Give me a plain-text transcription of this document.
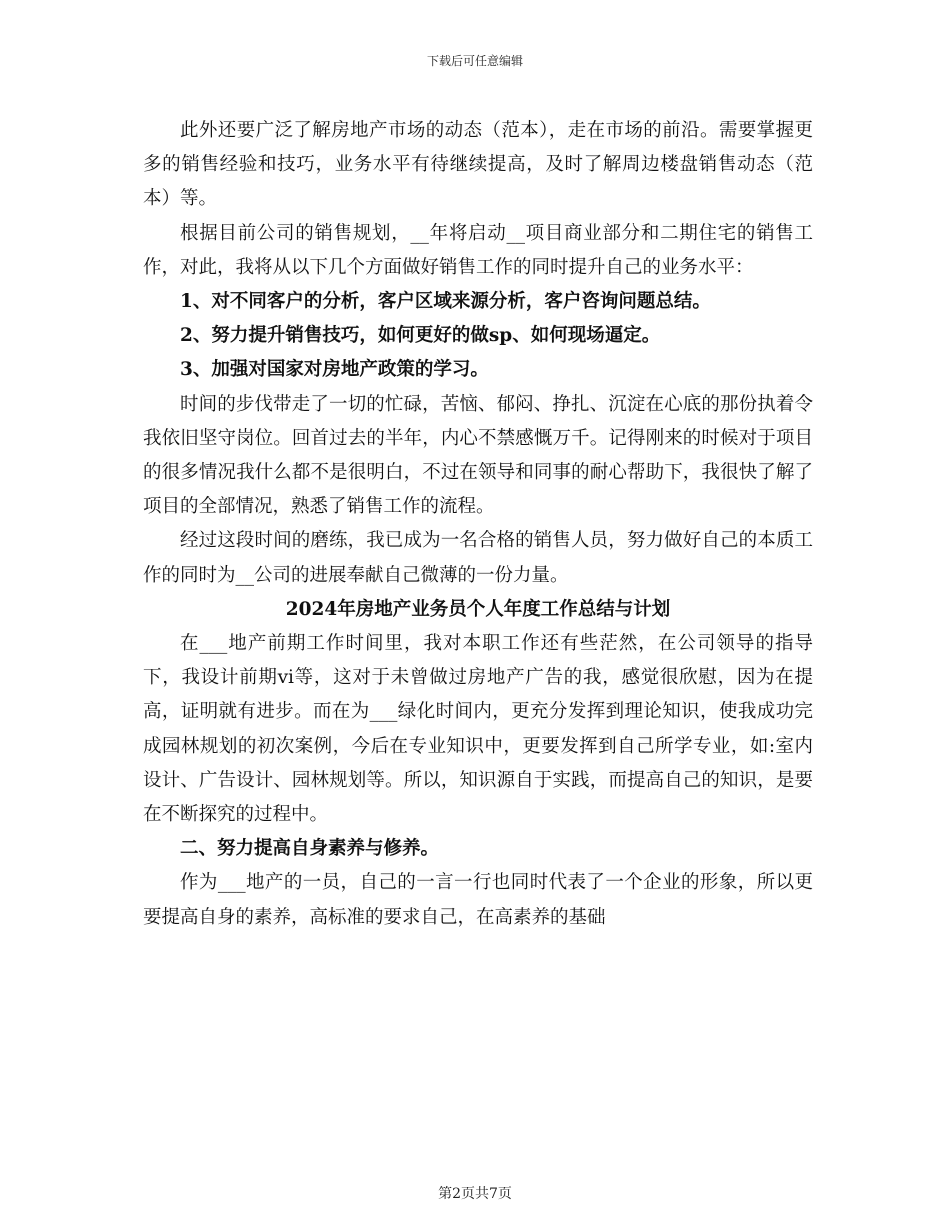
下载后可任意编辑

此外还要广泛了解房地产市场的动态（范本），走在市场的前沿。需要掌握更多的销售经验和技巧，业务水平有待继续提高，及时了解周边楼盘销售动态（范本）等。

根据目前公司的销售规划，__年将启动__项目商业部分和二期住宅的销售工作，对此，我将从以下几个方面做好销售工作的同时提升自己的业务水平：

1、对不同客户的分析，客户区域来源分析，客户咨询问题总结。

2、努力提升销售技巧，如何更好的做sp、如何现场逼定。

3、加强对国家对房地产政策的学习。

时间的步伐带走了一切的忙碌，苦恼、郁闷、挣扎、沉淀在心底的那份执着令我依旧坚守岗位。回首过去的半年，内心不禁感慨万千。记得刚来的时候对于项目的很多情况我什么都不是很明白，不过在领导和同事的耐心帮助下，我很快了解了项目的全部情况，熟悉了销售工作的流程。

经过这段时间的磨练，我已成为一名合格的销售人员，努力做好自己的本质工作的同时为__公司的进展奉献自己微薄的一份力量。

2024年房地产业务员个人年度工作总结与计划

在___地产前期工作时间里，我对本职工作还有些茫然，在公司领导的指导下，我设计前期vi等，这对于未曾做过房地产广告的我，感觉很欣慰，因为在提高，证明就有进步。而在为___绿化时间内，更充分发挥到理论知识，使我成功完成园林规划的初次案例，今后在专业知识中，更要发挥到自己所学专业，如:室内设计、广告设计、园林规划等。所以，知识源自于实践，而提高自己的知识，是要在不断探究的过程中。

二、努力提高自身素养与修养。

作为___地产的一员，自己的一言一行也同时代表了一个企业的形象，所以更要提高自身的素养，高标准的要求自己，在高素养的基础

第2页共7页
